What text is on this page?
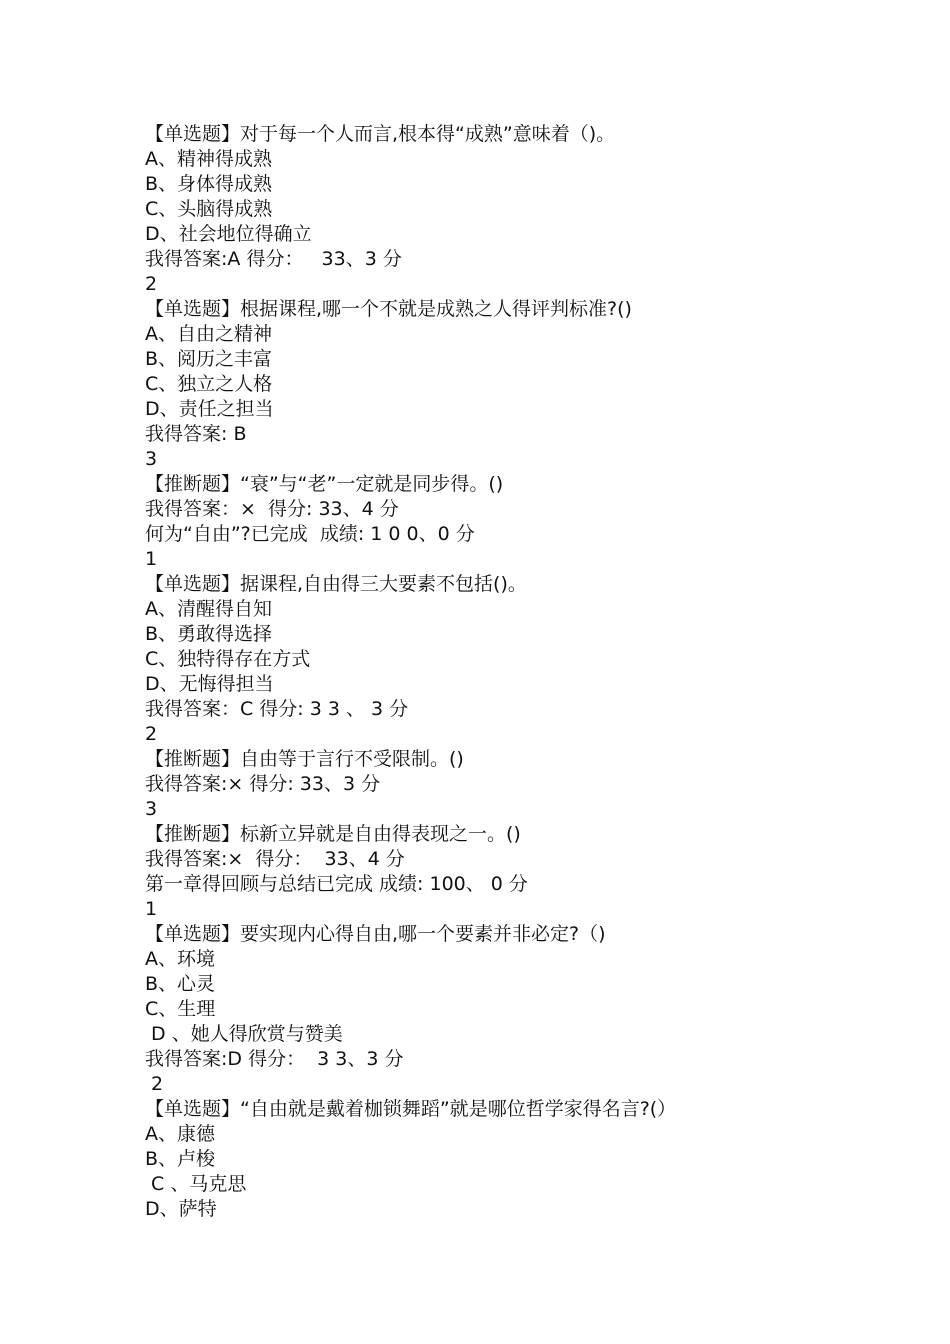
【单选题】对于每一个人而言,根本得“成熟”意味着（)。
A、精神得成熟
B、身体得成熟
C、头脑得成熟
D、社会地位得确立
我得答案:A 得分：   33、3 分
2
【单选题】根据课程,哪一个不就是成熟之人得评判标准?()
A、自由之精神
B、阅历之丰富
C、独立之人格
D、责任之担当
我得答案: B
3
【推断题】“衰”与“老”一定就是同步得。()
我得答案：×  得分: 33、4 分
何为“自由”?已完成  成绩: 1 0 0、0 分
1
【单选题】据课程,自由得三大要素不包括()。
A、清醒得自知
B、勇敢得选择
C、独特得存在方式
D、无悔得担当
我得答案：C 得分: 3 3 、 3 分
2
【推断题】自由等于言行不受限制。()
我得答案:× 得分: 33、3 分
3
【推断题】标新立异就是自由得表现之一。()
我得答案:×  得分：  33、4 分
第一章得回顾与总结已完成 成绩: 100、 0 分
1
【单选题】要实现内心得自由,哪一个要素并非必定?（)
A、环境
B、心灵
C、生理
D 、她人得欣赏与赞美
我得答案:D 得分：  3 3、3 分
2
【单选题】“自由就是戴着枷锁舞蹈”就是哪位哲学家得名言?(）
A、康德
B、卢梭
C 、马克思
D、萨特
